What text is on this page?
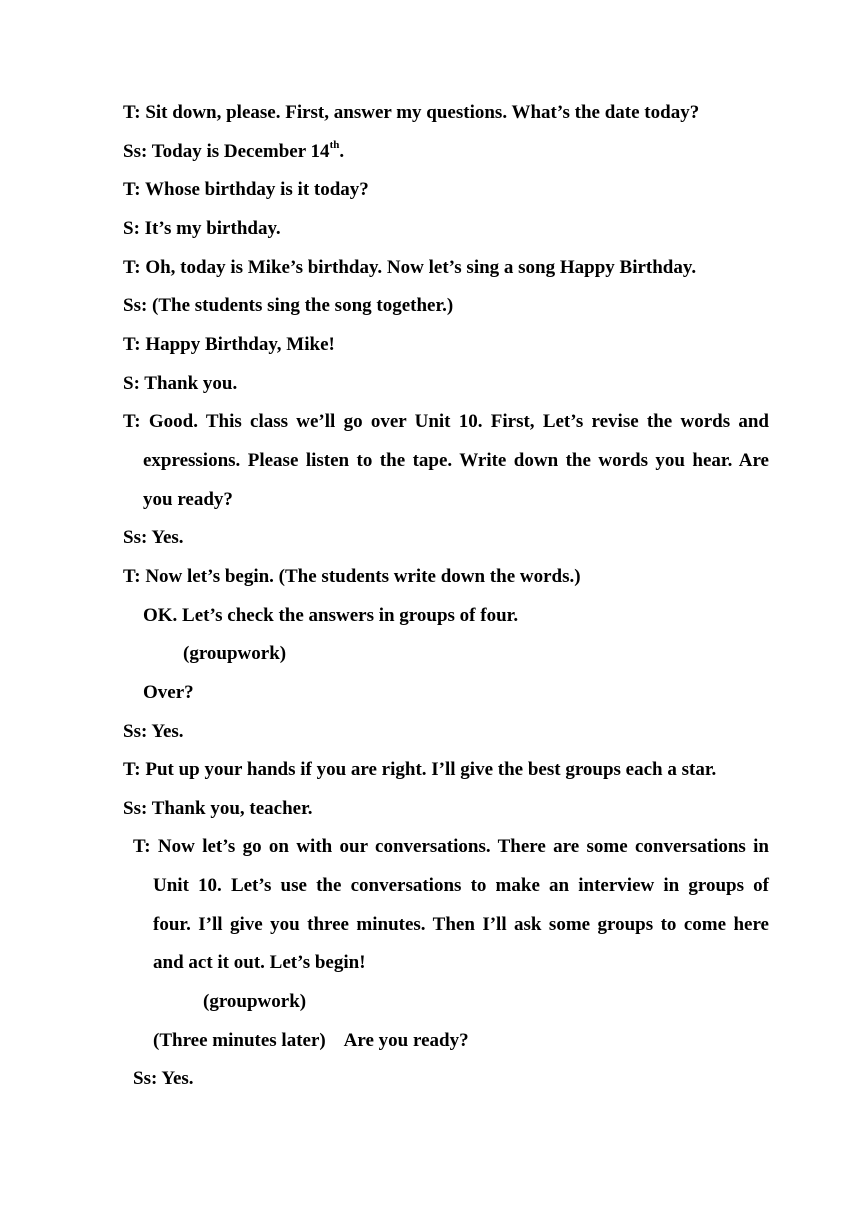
T: Sit down, please. First, answer my questions. What’s the date today?
Ss: Today is December 14th.
T: Whose birthday is it today?
S: It’s my birthday.
T: Oh, today is Mike’s birthday. Now let’s sing a song Happy Birthday.
Ss: (The students sing the song together.)
T: Happy Birthday, Mike!
S: Thank you.
T: Good. This class we’ll go over Unit 10. First, Let’s revise the words and
expressions. Please listen to the tape. Write down the words you hear. Are
you ready?
Ss: Yes.
T: Now let’s begin. (The students write down the words.)
OK. Let’s check the answers in groups of four.
(groupwork)
Over?
Ss: Yes.
T: Put up your hands if you are right. I’ll give the best groups each a star.
Ss: Thank you, teacher.
T: Now let’s go on with our conversations. There are some conversations in
Unit 10. Let’s use the conversations to make an interview in groups of
four. I’ll give you three minutes. Then I’ll ask some groups to come here
and act it out. Let’s begin!
(groupwork)
(Three minutes later)    Are you ready?
Ss: Yes.
